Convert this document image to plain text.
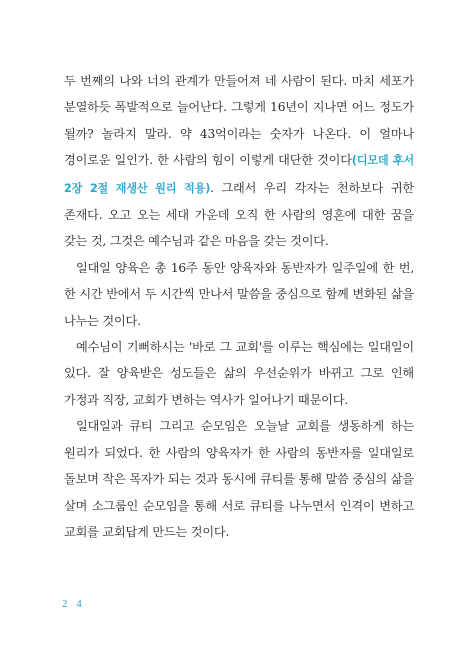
두 번째의 나와 너의 관계가 만들어져 네 사람이 된다. 마치 세포가 분열하듯 폭발적으로 늘어난다. 그렇게 16년이 지나면 어느 정도가 될까? 놀라지 말라. 약 43억이라는 숫자가 나온다. 이 얼마나 경이로운 일인가. 한 사람의 힘이 이렇게 대단한 것이다(디모데 후서 2장 2절 재생산 원리 적용). 그래서 우리 각자는 천하보다 귀한 존재다. 오고 오는 세대 가운데 오직 한 사람의 영혼에 대한 꿈을 갖는 것, 그것은 예수님과 같은 마음을 갖는 것이다.

일대일 양육은 총 16주 동안 양육자와 동반자가 일주일에 한 번, 한 시간 반에서 두 시간씩 만나서 말씀을 중심으로 함께 변화된 삶을 나누는 것이다.

예수님이 기뻐하시는 '바로 그 교회'를 이루는 핵심에는 일대일이 있다. 잘 양육받은 성도들은 삶의 우선순위가 바뀌고 그로 인해 가정과 직장, 교회가 변하는 역사가 일어나기 때문이다.

일대일과 큐티 그리고 순모임은 오늘날 교회를 생동하게 하는 원리가 되었다. 한 사람의 양육자가 한 사람의 동반자를 일대일로 돌보며 작은 목자가 되는 것과 동시에 큐티를 통해 말씀 중심의 삶을 살며 소그룹인 순모임을 통해 서로 큐티를 나누면서 인격이 변하고 교회를 교회답게 만드는 것이다.

2 4
